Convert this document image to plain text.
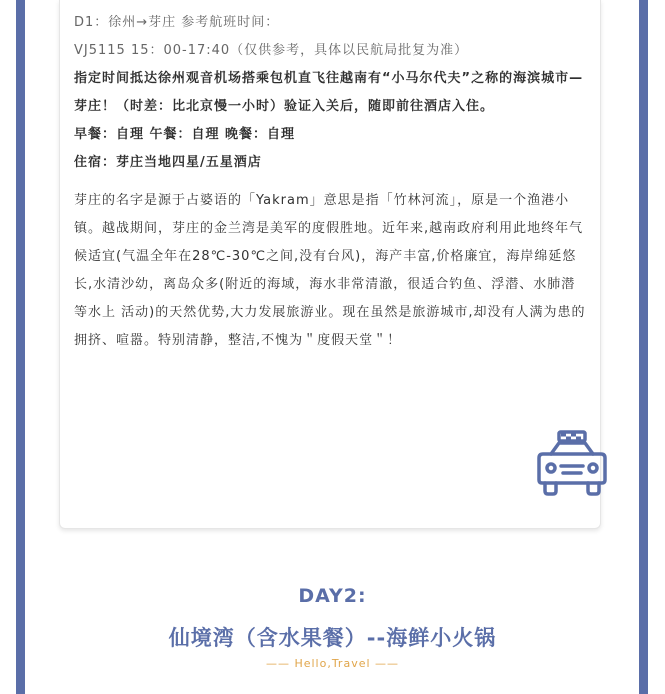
D1：徐州→芽庄 参考航班时间：

VJ5115 15：00-17:40（仅供参考，具体以民航局批复为准）

指定时间抵达徐州观音机场搭乘包机直飞往越南有“小马尔代夫”之称的海滨城市—芽庄！（时差：比北京慢一小时）验证入关后，随即前往酒店入住。

早餐：自理 午餐：自理 晚餐：自理

住宿：芽庄当地四星/五星酒店

芽庄的名字是源于占婆语的「Yakram」意思是指「竹林河流」，原是一个渔港小镇。越战期间，芽庄的金兰湾是美军的度假胜地。近年来,越南政府利用此地终年气候适宜(气温全年在28℃-30℃之间,没有台风)，海产丰富,价格廉宜，海岸绵延悠长,水清沙幼，离岛众多(附近的海域，海水非常清澈，很适合钓鱼、浮潜、水肺潜等水上 活动)的天然优势,大力发展旅游业。现在虽然是旅游城市,却没有人满为患的拥挤、喧嚣。特别清静，整洁,不愧为＂度假天堂＂！

DAY2:
仙境湾（含水果餐）--海鲜小火锅
—— Hello,Travel ——
